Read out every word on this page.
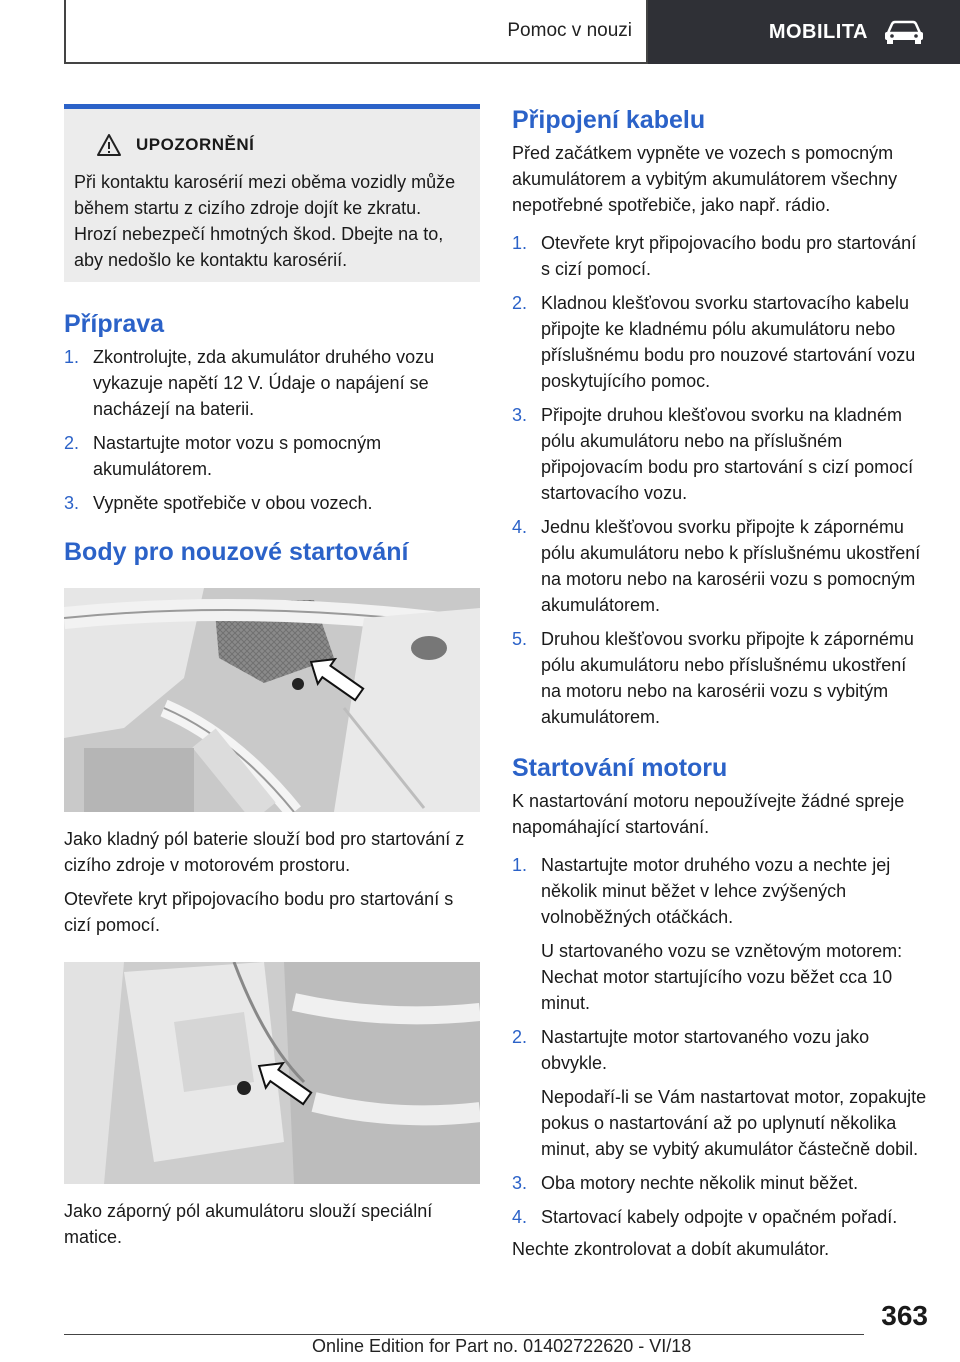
Pomoc v nouzi	MOBILITA
UPOZORNĚNÍ
Při kontaktu karosérií mezi oběma vozidly může během startu z cizího zdroje dojít ke zkratu. Hrozí nebezpečí hmotných škod. Dbejte na to, aby nedošlo ke kontaktu karosérií.
Příprava
1. Zkontrolujte, zda akumulátor druhého vozu vykazuje napětí 12 V. Údaje o napájení se nacházejí na baterii.
2. Nastartujte motor vozu s pomocným akumulátorem.
3. Vypněte spotřebiče v obou vozech.
Body pro nouzové startování

Jako kladný pól baterie slouží bod pro startování z cizího zdroje v motorovém prostoru.

Otevřete kryt připojovacího bodu pro startování s cizí pomocí.

Jako záporný pól akumulátoru slouží speciální matice.

Připojení kabelu

Před začátkem vypněte ve vozech s pomocným akumulátorem a vybitým akumulátorem všechny nepotřebné spotřebiče, jako např. rádio.

1. Otevřete kryt připojovacího bodu pro startování s cizí pomocí.
2. Kladnou klešťovou svorku startovacího kabelu připojte ke kladnému pólu akumulátoru nebo příslušnému bodu pro nouzové startování vozu poskytujícího pomoc.
3. Připojte druhou klešťovou svorku na kladném pólu akumulátoru nebo na příslušném připojovacím bodu pro startování s cizí pomocí startovacího vozu.
4. Jednu klešťovou svorku připojte k zápornému pólu akumulátoru nebo k příslušnému ukostření na motoru nebo na karosérii vozu s pomocným akumulátorem.
5. Druhou klešťovou svorku připojte k zápornému pólu akumulátoru nebo příslušnému ukostření na motoru nebo na karosérii vozu s vybitým akumulátorem.
Startování motoru

K nastartování motoru nepoužívejte žádné spreje napomáhající startování.

1. Nastartujte motor druhého vozu a nechte jej několik minut běžet v lehce zvýšených volnoběžných otáčkách.
U startovaného vozu se vznětovým motorem: Nechat motor startujícího vozu běžet cca 10 minut.
2. Nastartujte motor startovaného vozu jako obvykle.
Nepodaří-li se Vám nastartovat motor, zopakujte pokus o nastartování až po uplynutí několika minut, aby se vybitý akumulátor částečně dobil.
3. Oba motory nechte několik minut běžet.
4. Startovací kabely odpojte v opačném pořadí.

Nechte zkontrolovat a dobít akumulátor.

363
Online Edition for Part no. 01402722620 - VI/18
